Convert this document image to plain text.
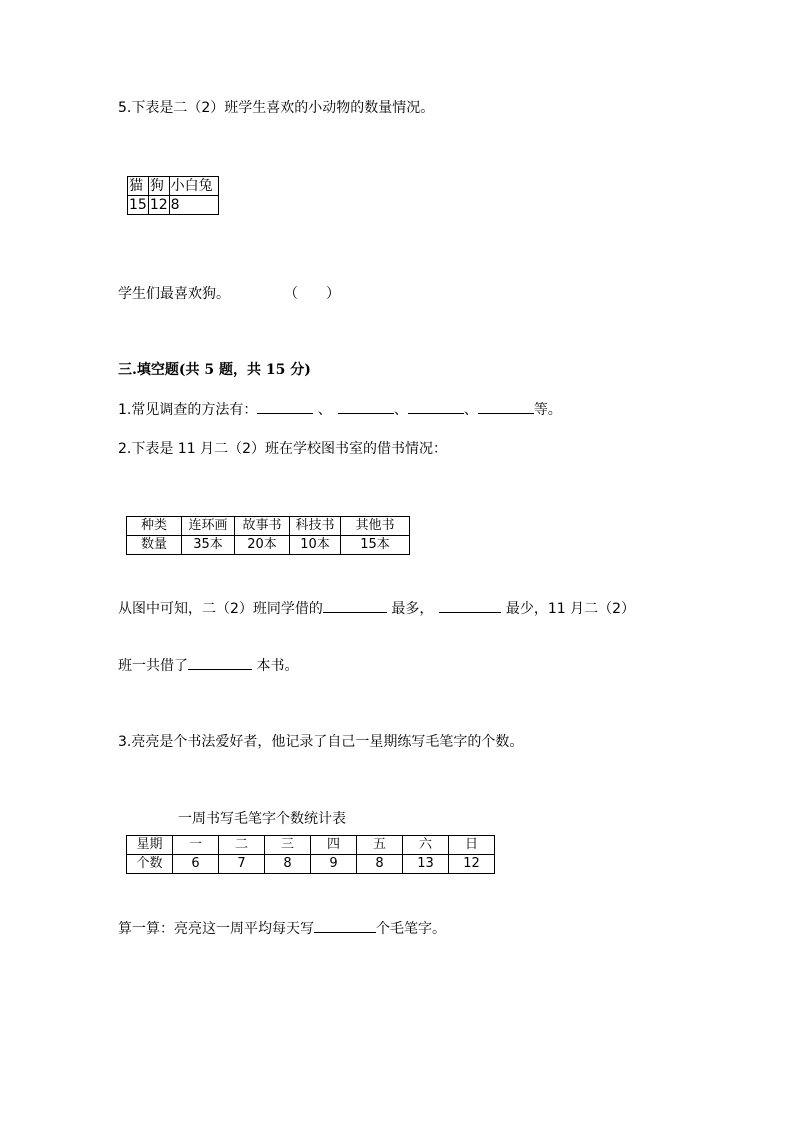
5.下表是二（2）班学生喜欢的小动物的数量情况。
猫	狗	小白兔
15	12	8
学生们最喜欢狗。	（　　）
三.填空题(共 5 题，共 15 分)
1.常见调查的方法有：	、	、	、	等。
2.下表是 11 月二（2）班在学校图书室的借书情况：
种类	连环画	故事书	科技书	其他书
数量	35本	20本	10本	15本
从图中可知，二（2）班同学借的	最多，	最少，11 月二（2）
班一共借了	本书。
3.亮亮是个书法爱好者，他记录了自己一星期练写毛笔字的个数。
一周书写毛笔字个数统计表
星期	一	二	三	四	五	六	日
个数	6	7	8	9	8	13	12
算一算：亮亮这一周平均每天写	个毛笔字。
